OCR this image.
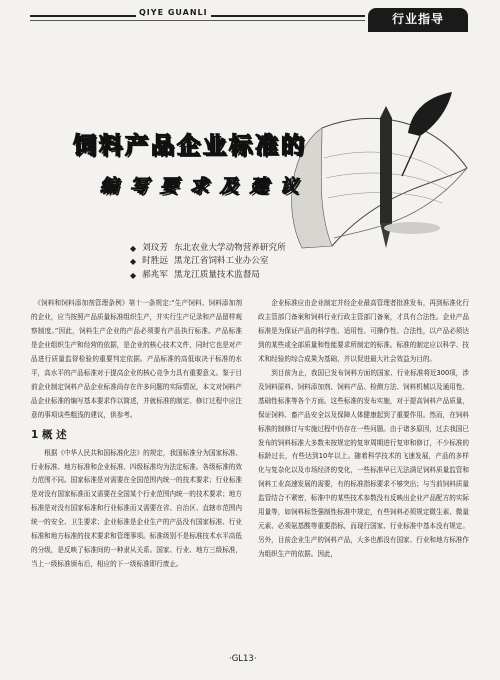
QIYE GUANLI	行业指导
饲料产品企业标准的
编写要求及建议
◆ 刘玟芳 东北农业大学动物营养研究所
◆ 时胜远 黑龙江省饲料工业办公室
◆ 郝兆军 黑龙江质量技术监督局

《饲料和饲料添加剂管理条例》第十一条规定:“生产饲料、饲料添加剂的企业，应当按照产品质量标准组织生产，并实行生产记录和产品留样观察制度。”因此，饲料生产企业的产品必须要有产品执行标准。产品标准是企业组织生产和经营的依据，是企业的核心技术文件，同时它也是对产品进行质量监督检验的重要判定依据。产品标准的高低取决于标准的水平，高水平的产品标准对于提高企业的核心竞争力具有重要意义。鉴于目前企业制定饲料产品企业标准尚存在许多问题的实际情况，本文对饲料产品企业标准的编写基本要求作以简述，并就标准的制定、修订过程中应注意的事项谈些粗浅的建议，供参考。

1 概 述

根据《中华人民共和国标准化法》的规定，我国标准分为国家标准、行业标准、地方标准和企业标准、四级标准均为法定标准。各级标准的效力范围不同。国家标准是对需要在全国范围内统一的技术要求；行业标准是对没有国家标准而又需要在全国某个行业范围内统一的技术要求；地方标准是对没有国家标准和行业标准而又需要在省、自治区、直辖市范围内统一的安全、卫生要求；企业标准是企业生产的产品没有国家标准、行业标准和地方标准的技术要求和管理事项。标准级别不是标准技术水平高低的分级，是反映了标准间的一种隶从关系。国家、行业、地方三级标准，当上一级标准颁布后，相应的下一级标准即行废止。

企业标准应由企业制定并经企业最高管理者批准发布，再到标准化行政主管部门备案和饲料行业行政主管部门备案，才具有合法性。企业产品标准是为保证产品的科学性、适用性、可操作性、合法性，以产品必须达到的某些或全部质量和性能要求所制定的标准。标准的制定应以科学、技术和经验的综合成果为基础，并以促进最大社会效益为目的。

到目前为止，我国已发布饲料方面的国家、行业标准将近300项，涉及饲料原料、饲料添加剂、饲料产品、检测方法、饲料机械以及通用性、基础性标准等各个方面。这些标准的发布实施，对于提高饲料产品质量，保证饲料、畜产品安全以及保障人体健康起到了重要作用。然而，在饲料标准的制修订与实施过程中仍存在一些问题。由于诸多原因，过去我国已发布的饲料标准大多数未按规定的复审周期进行复审和修订，不少标准的标龄过长，有些达到10年以上。随着科学技术的飞速发展，产品的多样化与复杂化以及市场经济的变化，一些标准早已无法满足饲料质量监管和饲料工业高速发展的需要，有的标准指标要求不够突出；与当前饲料质量监管结合不紧密，标准中的某些技术参数没有反映出企业产品配方的实际用量等，如饲料标签强制性标准中规定，有些饲料必须规定微生素、微量元素、必须氨基酸等重要指标，而现行国家、行业标准中基本没有规定。另外，目前企业生产的饲料产品，大多也都没有国家、行业和地方标准作为组织生产的依据。因此，

·GL13·
